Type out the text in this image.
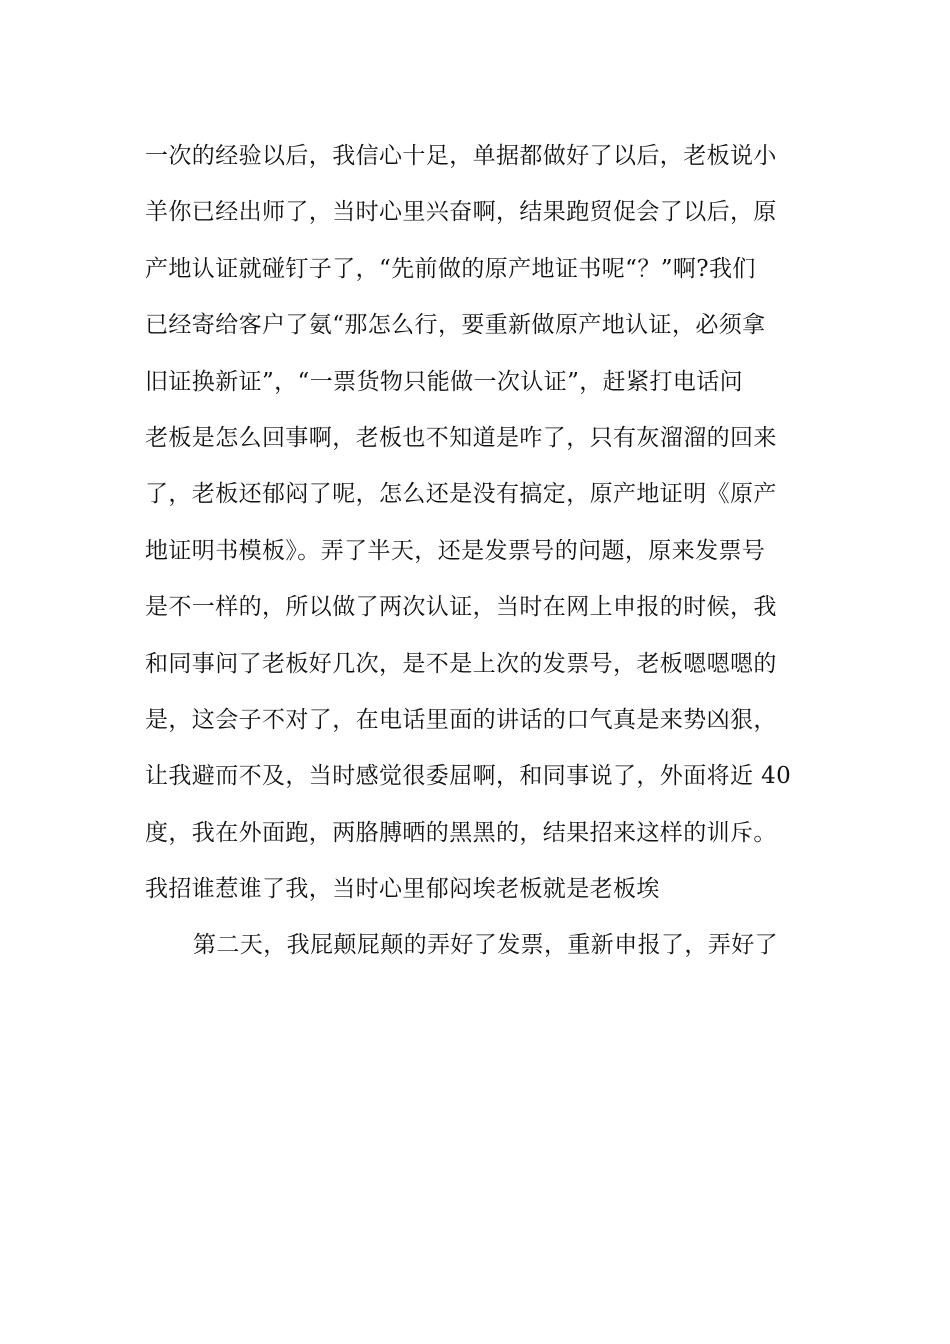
一次的经验以后，我信心十足，单据都做好了以后，老板说小
羊你已经出师了，当时心里兴奋啊，结果跑贸促会了以后，原
产地认证就碰钉子了，“先前做的原产地证书呢“？”啊?我们
已经寄给客户了氨“那怎么行，要重新做原产地认证，必须拿
旧证换新证”，“一票货物只能做一次认证”，赶紧打电话问
老板是怎么回事啊，老板也不知道是咋了，只有灰溜溜的回来
了，老板还郁闷了呢，怎么还是没有搞定，原产地证明《原产
地证明书模板》。弄了半天，还是发票号的问题，原来发票号
是不一样的，所以做了两次认证，当时在网上申报的时候，我
和同事问了老板好几次，是不是上次的发票号，老板嗯嗯嗯的
是，这会子不对了，在电话里面的讲话的口气真是来势凶狠，
让我避而不及，当时感觉很委屈啊，和同事说了，外面将近 40
度，我在外面跑，两胳膊晒的黑黑的，结果招来这样的训斥。
我招谁惹谁了我，当时心里郁闷埃老板就是老板埃
第二天，我屁颠屁颠的弄好了发票，重新申报了，弄好了
